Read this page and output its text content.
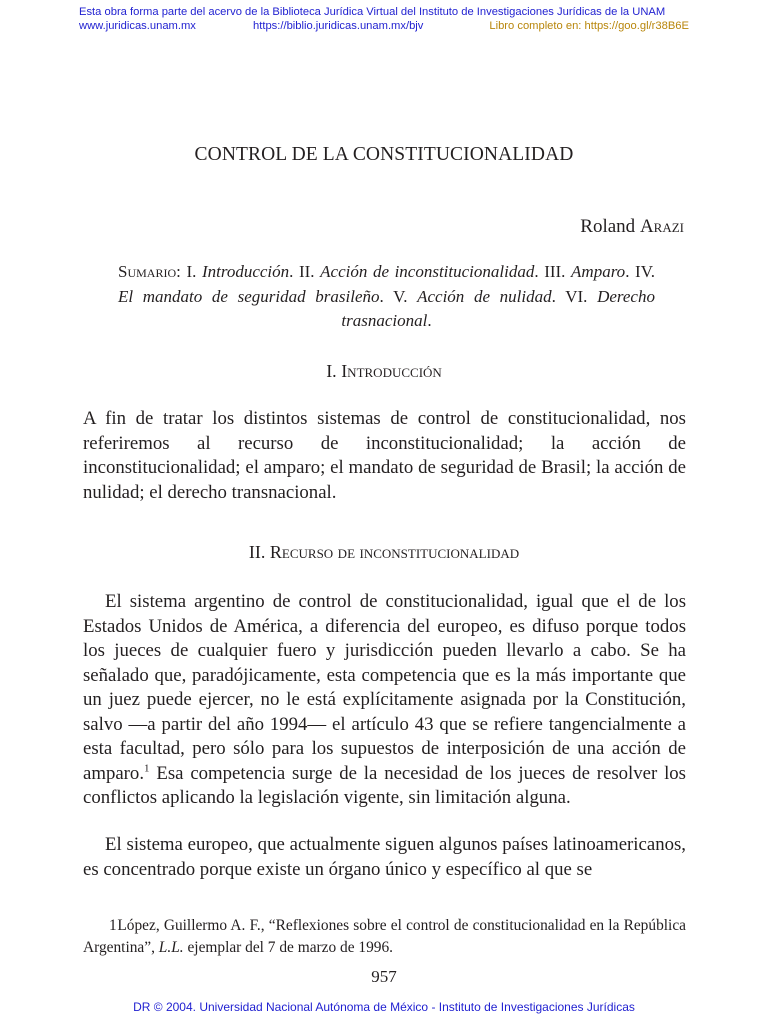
Esta obra forma parte del acervo de la Biblioteca Jurídica Virtual del Instituto de Investigaciones Jurídicas de la UNAM
www.juridicas.unam.mx	https://biblio.juridicas.unam.mx/bjv	Libro completo en: https://goo.gl/r38B6E
CONTROL DE LA CONSTITUCIONALIDAD
Roland Arazi
Sumario: I. Introducción. II. Acción de inconstitucionalidad. III. Amparo. IV. El mandato de seguridad brasileño. V. Acción de nulidad. VI. Derecho trasnacional.
I. Introducción

A fin de tratar los distintos sistemas de control de constitucionalidad, nos referiremos al recurso de inconstitucionalidad; la acción de inconstitucionalidad; el amparo; el mandato de seguridad de Brasil; la acción de nulidad; el derecho transnacional.

II. Recurso de inconstitucionalidad

El sistema argentino de control de constitucionalidad, igual que el de los Estados Unidos de América, a diferencia del europeo, es difuso porque todos los jueces de cualquier fuero y jurisdicción pueden llevarlo a cabo. Se ha señalado que, paradójicamente, esta competencia que es la más importante que un juez puede ejercer, no le está explícitamente asignada por la Constitución, salvo —a partir del año 1994— el artículo 43 que se refiere tangencialmente a esta facultad, pero sólo para los supuestos de interposición de una acción de amparo.$^1$ Esa competencia surge de la necesidad de los jueces de resolver los conflictos aplicando la legislación vigente, sin limitación alguna.

El sistema europeo, que actualmente siguen algunos países latinoamericanos, es concentrado porque existe un órgano único y específico al que se

1  López, Guillermo A. F., “Reflexiones sobre el control de constitucionalidad en la República Argentina”, L.L. ejemplar del 7 de marzo de 1996.
957
DR © 2004. Universidad Nacional Autónoma de México - Instituto de Investigaciones Jurídicas
